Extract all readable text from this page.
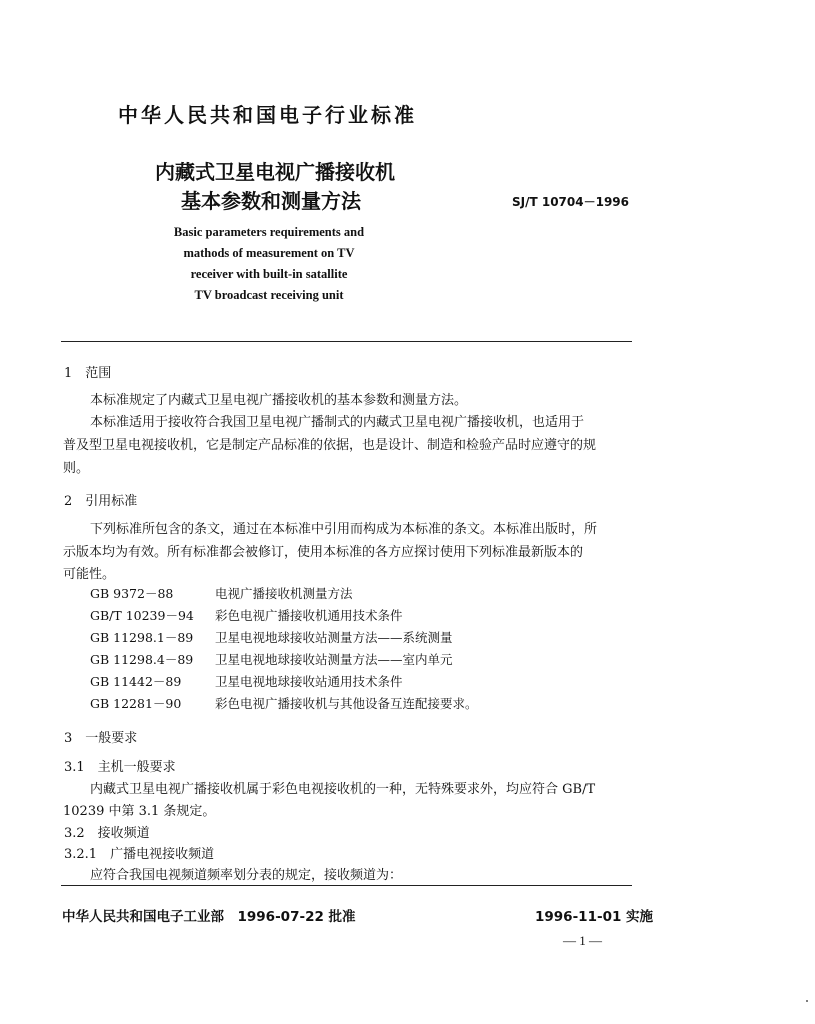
中华人民共和国电子行业标准
内藏式卫星电视广播接收机
基本参数和测量方法	SJ/T 10704－1996
Basic parameters requirements and
mathods of measurement on TV
receiver with built-in satallite
TV broadcast receiving unit
1　范围
本标准规定了内藏式卫星电视广播接收机的基本参数和测量方法。
本标准适用于接收符合我国卫星电视广播制式的内藏式卫星电视广播接收机，也适用于
普及型卫星电视接收机，它是制定产品标准的依据，也是设计、制造和检验产品时应遵守的规
则。
2　引用标准
下列标准所包含的条文，通过在本标准中引用而构成为本标准的条文。本标准出版时，所
示版本均为有效。所有标准都会被修订，使用本标准的各方应探讨使用下列标准最新版本的
可能性。
GB 9372－88	电视广播接收机测量方法
GB/T 10239－94 彩色电视广播接收机通用技术条件
GB 11298.1－89 卫星电视地球接收站测量方法——系统测量
GB 11298.4－89 卫星电视地球接收站测量方法——室内单元
GB 11442－89	卫星电视地球接收站通用技术条件
GB 12281－90	彩色电视广播接收机与其他设备互连配接要求。
3　一般要求
3.1　主机一般要求
内藏式卫星电视广播接收机属于彩色电视接收机的一种，无特殊要求外，均应符合 GB/T
10239 中第 3.1 条规定。
3.2　接收频道
3.2.1　广播电视接收频道
应符合我国电视频道频率划分表的规定，接收频道为：
中华人民共和国电子工业部　1996-07-22 批准	1996-11-01 实施
— 1 —
